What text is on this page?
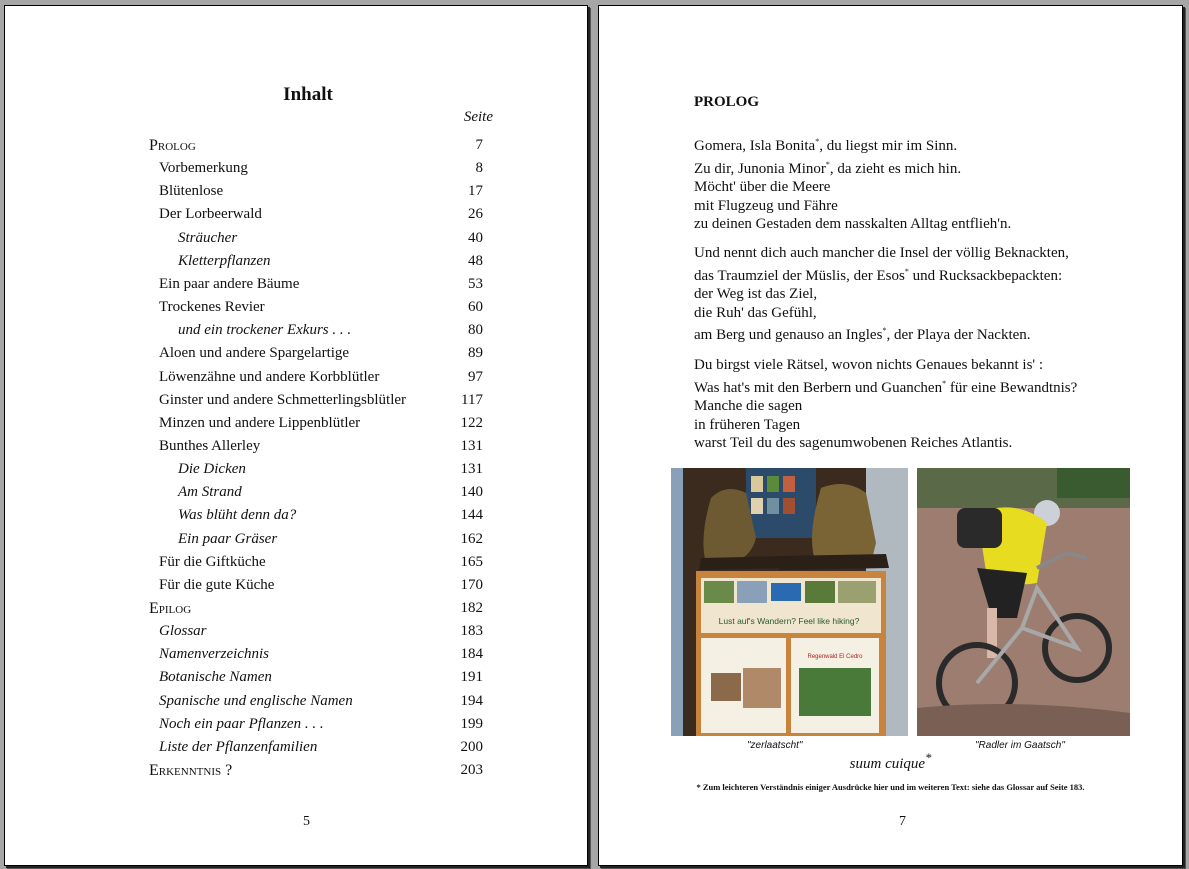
Inhalt
Seite
Prolog	7
Vorbemerkung	8
Blütenlose	17
Der Lorbeerwald	26
Sträucher	40
Kletterpflanzen	48
Ein paar andere Bäume	53
Trockenes Revier	60
und ein trockener Exkurs . . .	80
Aloen und andere Spargelartige	89
Löwenzähne und andere Korbblütler	97
Ginster und andere Schmetterlingsblütler	117
Minzen und andere Lippenblütler	122
Bunthes Allerley	131
Die Dicken	131
Am Strand	140
Was blüht denn da?	144
Ein paar Gräser	162
Für die Giftküche	165
Für die gute Küche	170
Epilog	182
Glossar	183
Namenverzeichnis	184
Botanische Namen	191
Spanische und englische Namen	194
Noch ein paar Pflanzen . . .	199
Liste der Pflanzenfamilien	200
Erkenntnis ?	203
5
PROLOG
Gomera, Isla Bonita*, du liegst mir im Sinn.
Zu dir, Junonia Minor*, da zieht es mich hin.
Möcht' über die Meere
mit Flugzeug und Fähre
zu deinen Gestaden dem nasskalten Alltag entflieh'n.
Und nennt dich auch mancher die Insel der völlig Beknackten,
das Traumziel der Müslis, der Esos* und Rucksackbepackten:
der Weg ist das Ziel,
die Ruh' das Gefühl,
am Berg und genauso an Ingles*, der Playa der Nackten.
Du birgst viele Rätsel, wovon nichts Genaues bekannt is' :
Was hat's mit den Berbern und Guanchen* für eine Bewandtnis?
Manche die sagen
in früheren Tagen
warst Teil du des sagenumwobenen Reiches Atlantis.
Lust auf's Wandern? Feel like hiking?
Regenwald El Cedro
"zerlaatscht"	"Radler im Gaatsch"
suum cuique*
* Zum leichteren Verständnis einiger Ausdrücke hier und im weiteren Text: siehe das Glossar auf Seite 183.
7
